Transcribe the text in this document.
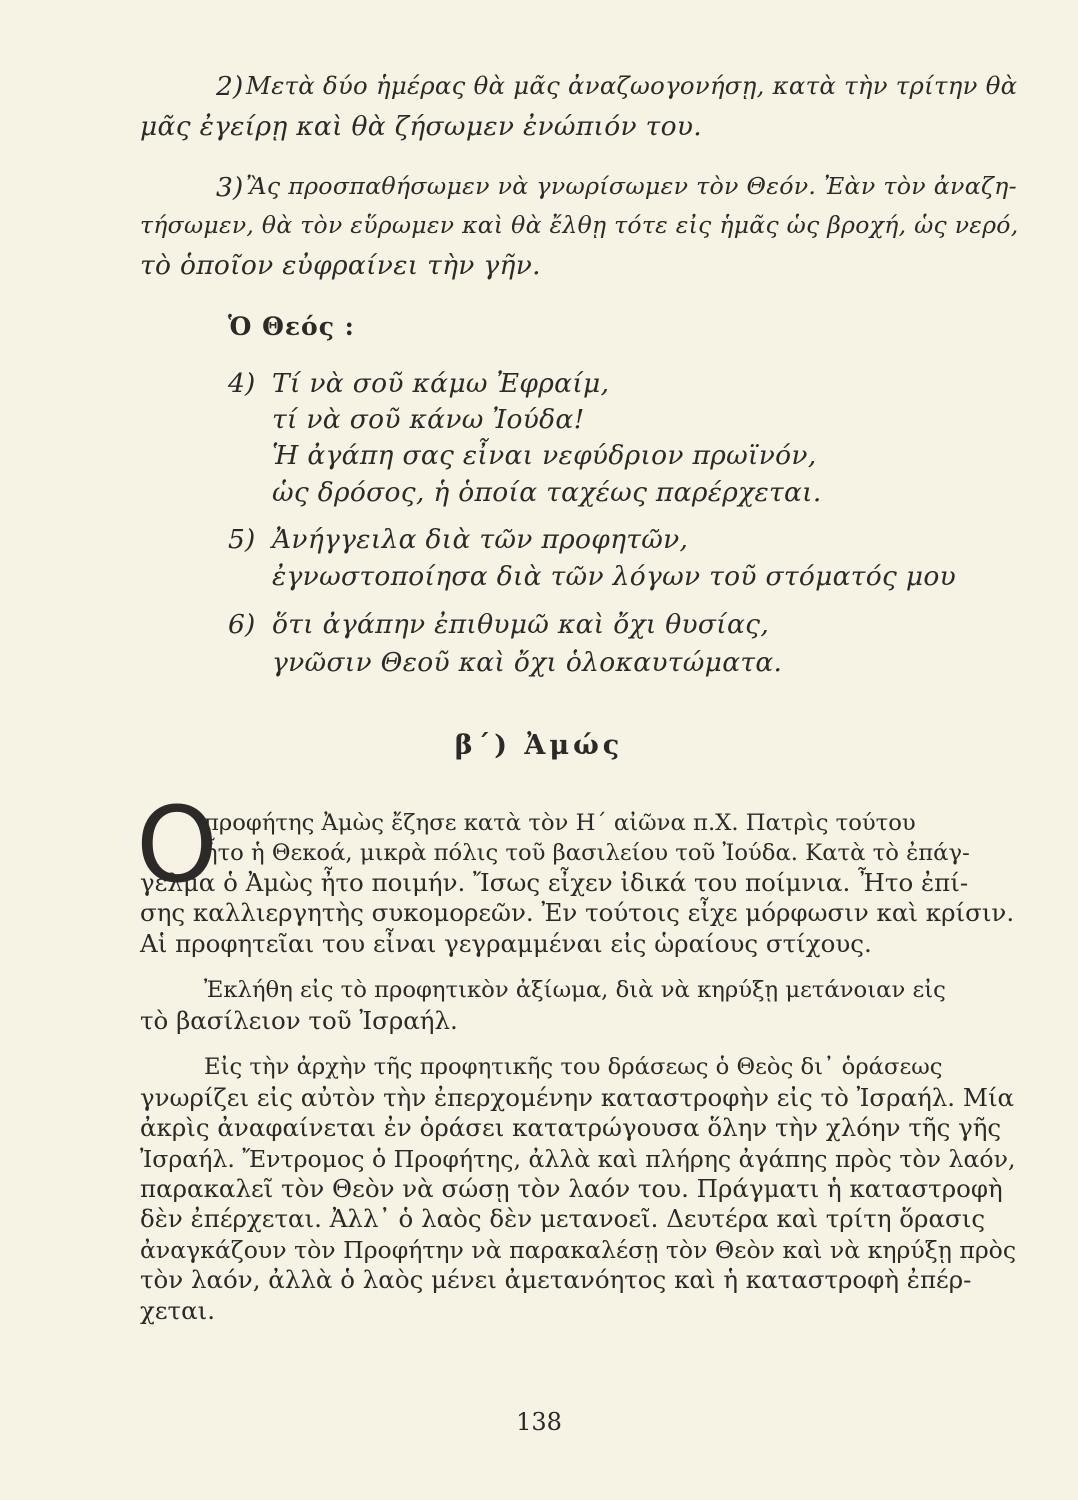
2) Μετὰ δύο ἡμέρας θὰ μᾶς ἀναζωογονήσῃ, κατὰ τὴν τρίτην θὰ
μᾶς ἐγείρῃ καὶ θὰ ζήσωμεν ἐνώπιόν του.
3) Ἂς προσπαθήσωμεν νὰ γνωρίσωμεν τὸν Θεόν. Ἐὰν τὸν ἀναζη-
τήσωμεν, θὰ τὸν εὕρωμεν καὶ θὰ ἔλθῃ τότε εἰς ἡμᾶς ὡς βροχή, ὡς νερό,
τὸ ὁποῖον εὐφραίνει τὴν γῆν.
Ὁ Θεός :
4) Τί νὰ σοῦ κάμω Ἐφραίμ,
τί νὰ σοῦ κάνω Ἰούδα!
Ἡ ἀγάπη σας εἶναι νεφύδριον πρωϊνόν,
ὡς δρόσος, ἡ ὁποία ταχέως παρέρχεται.
5) Ἀνήγγειλα διὰ τῶν προφητῶν,
ἐγνωστοποίησα διὰ τῶν λόγων τοῦ στόματός μου
6) ὅτι ἀγάπην ἐπιθυμῶ καὶ ὄχι θυσίας,
γνῶσιν Θεοῦ καὶ ὄχι ὁλοκαυτώματα.
β΄) Ἀμώς
Ο
προφήτης Ἀμὼς ἔζησε κατὰ τὸν Η΄ αἰῶνα π.Χ. Πατρὶς τούτου
ἦτο ἡ Θεκοά, μικρὰ πόλις τοῦ βασιλείου τοῦ Ἰούδα. Κατὰ τὸ ἐπάγ-
γελμα ὁ Ἀμὼς ἦτο ποιμήν. Ἴσως εἶχεν ἰδικά του ποίμνια. Ἦτο ἐπί-
σης καλλιεργητὴς συκομορεῶν. Ἐν τούτοις εἶχε μόρφωσιν καὶ κρίσιν.
Αἱ προφητεῖαι του εἶναι γεγραμμέναι εἰς ὡραίους στίχους.
Ἐκλήθη εἰς τὸ προφητικὸν ἀξίωμα, διὰ νὰ κηρύξῃ μετάνοιαν εἰς
τὸ βασίλειον τοῦ Ἰσραήλ.
Εἰς τὴν ἀρχὴν τῆς προφητικῆς του δράσεως ὁ Θεὸς δι᾿ ὁράσεως
γνωρίζει εἰς αὐτὸν τὴν ἐπερχομένην καταστροφὴν εἰς τὸ Ἰσραήλ. Μία
ἀκρὶς ἀναφαίνεται ἐν ὁράσει κατατρώγουσα ὅλην τὴν χλόην τῆς γῆς
Ἰσραήλ. Ἔντρομος ὁ Προφήτης, ἀλλὰ καὶ πλήρης ἀγάπης πρὸς τὸν λαόν,
παρακαλεῖ τὸν Θεὸν νὰ σώσῃ τὸν λαόν του. Πράγματι ἡ καταστροφὴ
δὲν ἐπέρχεται. Ἀλλ᾿ ὁ λαὸς δὲν μετανοεῖ. Δευτέρα καὶ τρίτη ὅρασις
ἀναγκάζουν τὸν Προφήτην νὰ παρακαλέσῃ τὸν Θεὸν καὶ νὰ κηρύξῃ πρὸς
τὸν λαόν, ἀλλὰ ὁ λαὸς μένει ἀμετανόητος καὶ ἡ καταστροφὴ ἐπέρ-
χεται.
138
